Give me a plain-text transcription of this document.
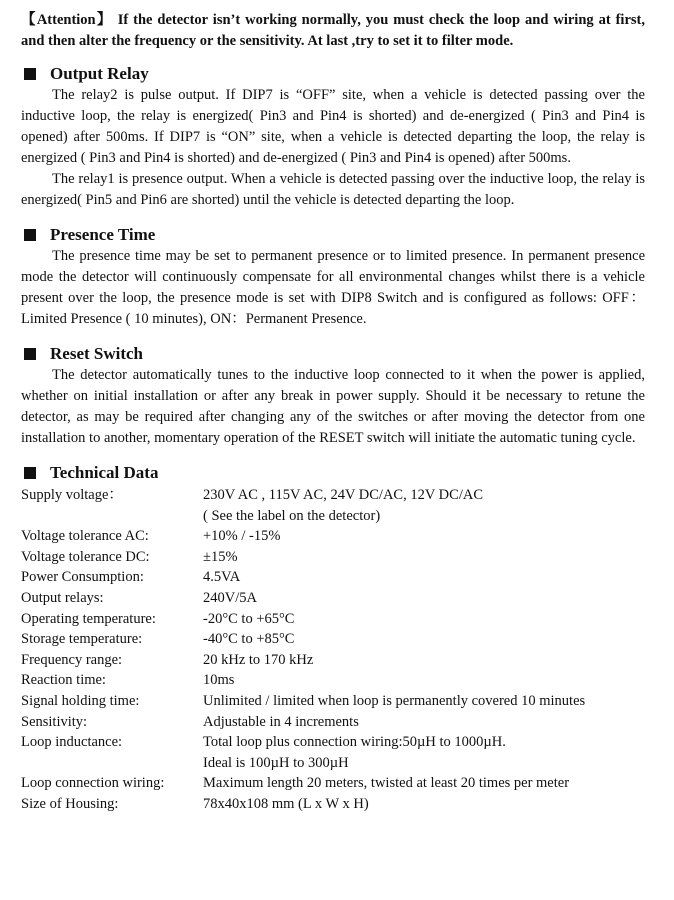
【Attention】 If the detector isn’t working normally, you must check the loop and wiring at first, and then alter the frequency or the sensitivity. At last ,try to set it to filter mode.

Output Relay

The relay2 is pulse output. If DIP7 is “OFF” site, when a vehicle is detected passing over the inductive loop, the relay is energized( Pin3 and Pin4 is shorted) and de-energized ( Pin3 and Pin4 is opened) after 500ms. If DIP7 is “ON” site, when a vehicle is detected departing the loop, the relay is energized ( Pin3 and Pin4 is shorted) and de-energized ( Pin3 and Pin4 is opened) after 500ms.

The relay1 is presence output. When a vehicle is detected passing over the inductive loop, the relay is energized( Pin5 and Pin6 are shorted) until the vehicle is detected departing the loop.

Presence Time

The presence time may be set to permanent presence or to limited presence. In permanent presence mode the detector will continuously compensate for all environmental changes whilst there is a vehicle present over the loop, the presence mode is set with DIP8 Switch and is configured as follows: OFF：Limited Presence ( 10 minutes), ON：Permanent Presence.

Reset Switch

The detector automatically tunes to the inductive loop connected to it when the power is applied, whether on initial installation or after any break in power supply. Should it be necessary to retune the detector, as may be required after changing any of the switches or after moving the detector from one installation to another, momentary operation of the RESET switch will initiate the automatic tuning cycle.

Technical Data
Supply voltage：	230V AC , 115V AC, 24V DC/AC, 12V DC/AC
( See the label on the detector)

Voltage tolerance AC:	+10% / -15%

Voltage tolerance DC:	±15%

Power Consumption:	4.5VA

Output relays:	240V/5A

Operating temperature:	-20°C to +65°C

Storage temperature:	-40°C to +85°C

Frequency range:	20 kHz to 170 kHz

Reaction time:	10ms

Signal holding time:	Unlimited / limited when loop is permanently covered 10 minutes

Sensitivity:	Adjustable in 4 increments

Loop inductance:	Total loop plus connection wiring:50µH to 1000µH.
Ideal is 100µH to 300µH

Loop connection wiring:	Maximum length 20 meters, twisted at least 20 times per meter

Size of Housing:	78x40x108 mm (L x W x H)
